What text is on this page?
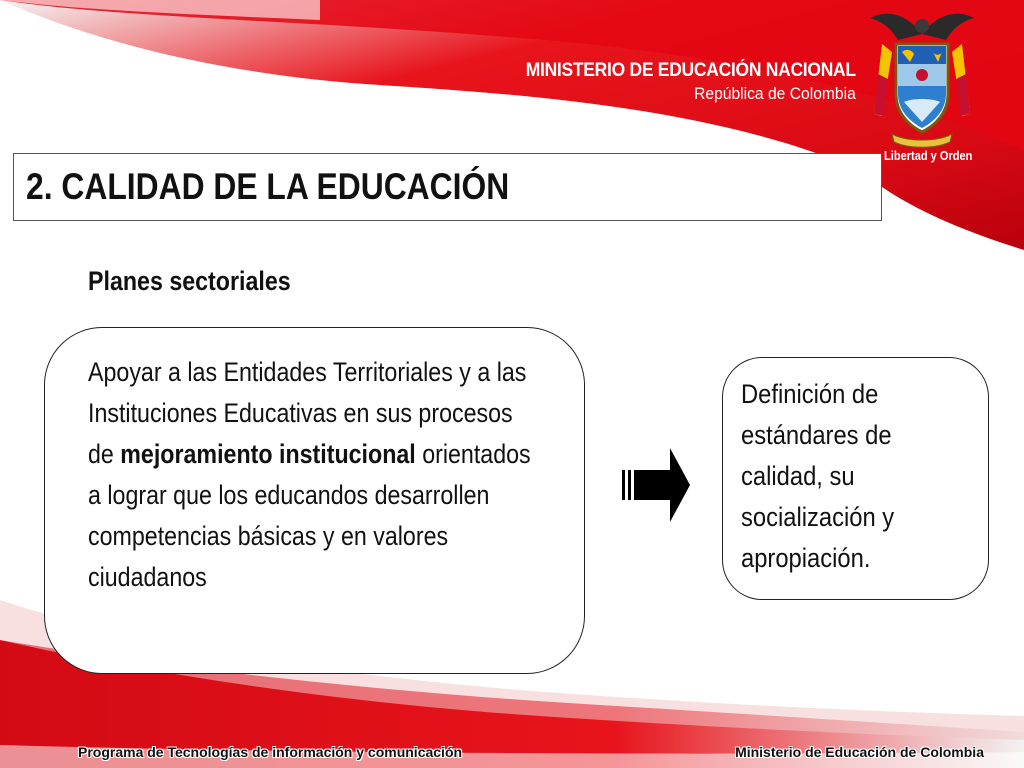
MINISTERIO DE EDUCACIÓN NACIONAL
República de Colombia
Libertad y Orden
2. CALIDAD DE LA EDUCACIÓN
Planes sectoriales
Apoyar a las Entidades Territoriales y a las Instituciones Educativas en sus procesos de mejoramiento institucional orientados a lograr que los educandos desarrollen competencias básicas y en valores ciudadanos
Definición de estándares de calidad, su socialización y apropiación.
Programa de Tecnologías de información y comunicación	Ministerio de Educación de Colombia
